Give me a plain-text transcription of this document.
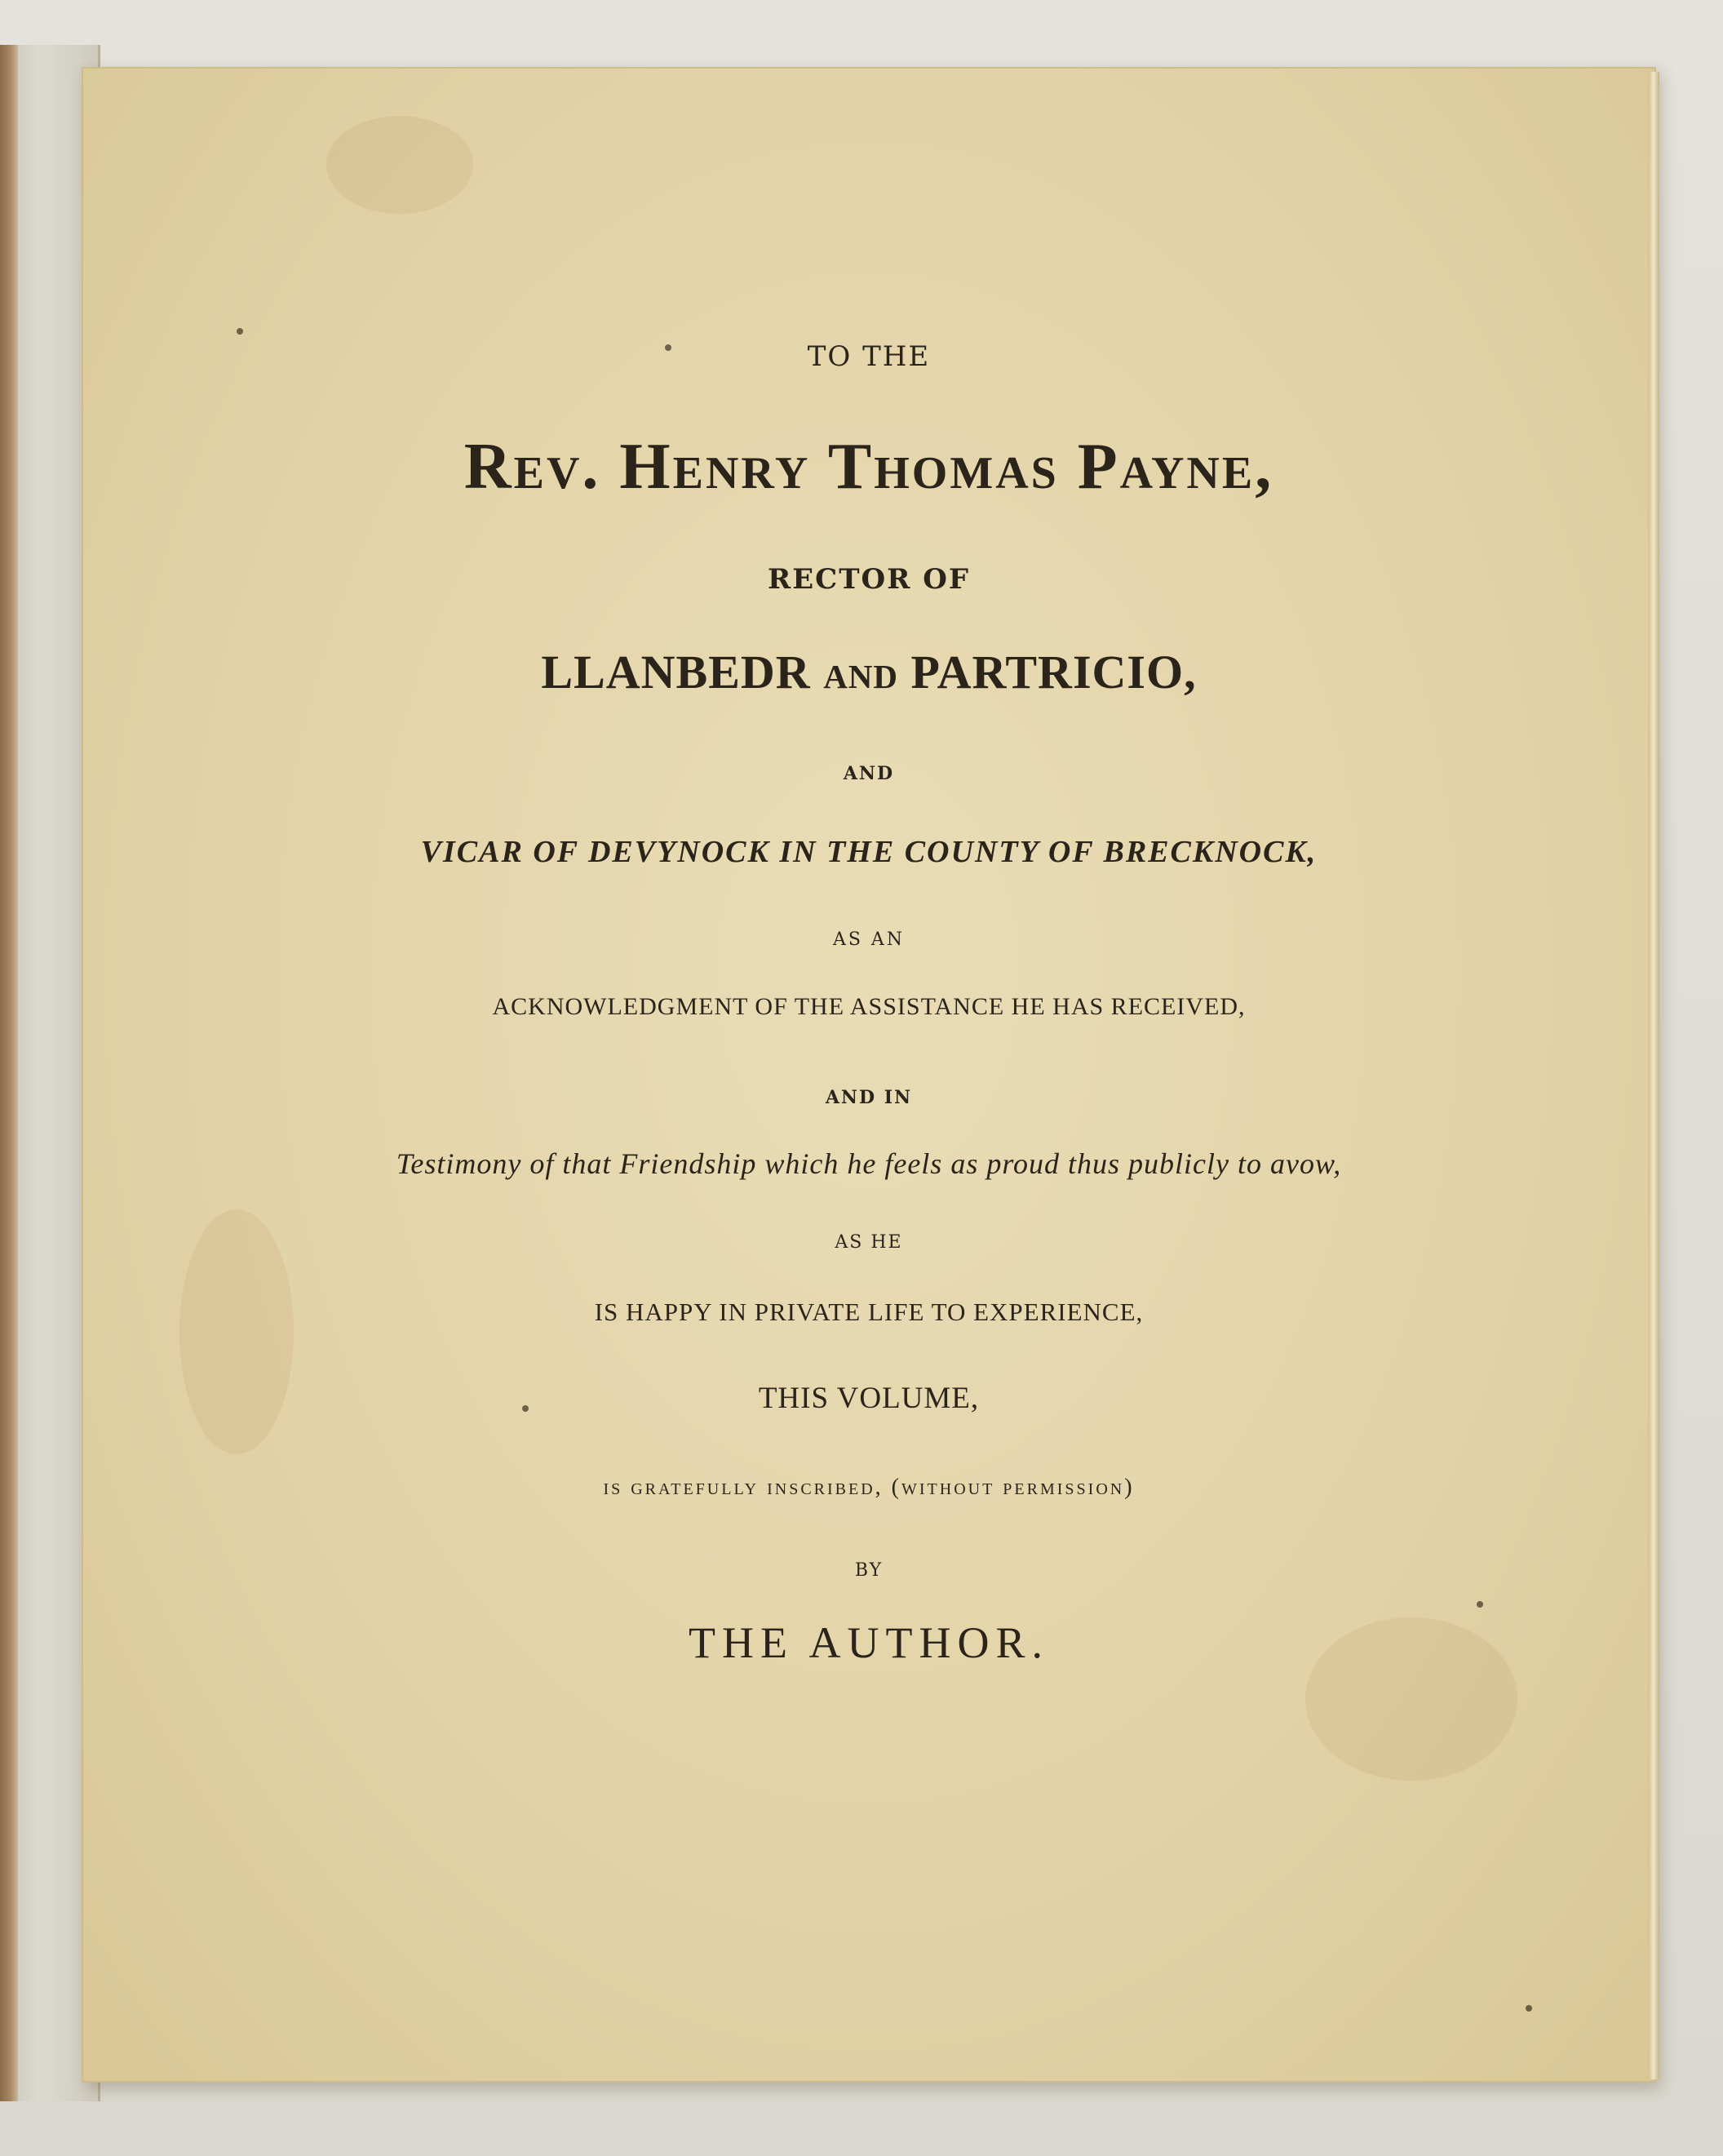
TO THE
Rev. Henry Thomas Payne,
RECTOR OF
LLANBEDR and PARTRICIO,
AND
VICAR OF DEVYNOCK IN THE COUNTY OF BRECKNOCK,
AS AN
ACKNOWLEDGMENT OF THE ASSISTANCE HE HAS RECEIVED,
AND IN
Testimony of that Friendship which he feels as proud thus publicly to avow,
AS HE
IS HAPPY IN PRIVATE LIFE TO EXPERIENCE,
THIS VOLUME,
is gratefully inscribed, (without permission)
BY
THE AUTHOR.
